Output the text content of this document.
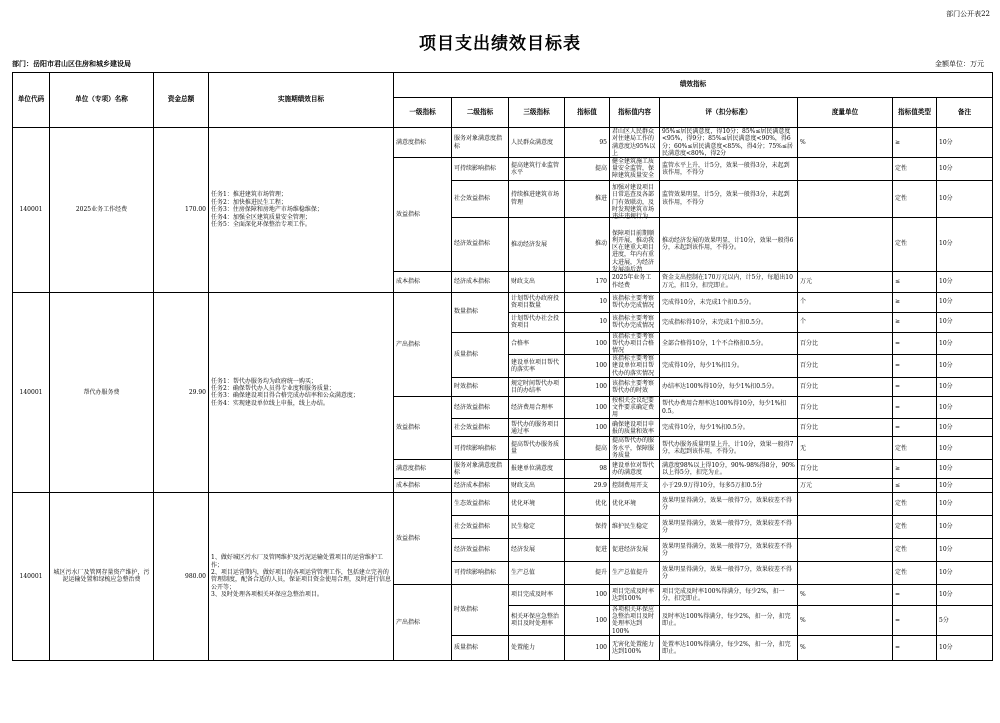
部门公开表22
项目支出绩效目标表
部门：岳阳市君山区住房和城乡建设局	金额单位：万元
单位代码	单位（专项）名称	资金总额	实施期绩效目标	绩效指标								
				一级指标	二级指标	三级指标	指标值	指标值内容	评（扣分标准）	度量单位	指标值类型	备注
140001	2025业务工作经费	170.00	任务1：推进建筑市场管理；
任务2：加快推进民生工程；
任务3：住房保障和房地产市场维稳维保；
任务4：加强全区建筑质量安全管理；
任务5：全面深化环保整治专项工作。	满意度指标	服务对象满意度指标	人民群众满意度	95	君山区人民群众对住建局工作的满意度达95%以上	95%≤居民满意度，得10分；85%≤居民满意度<95%，得9分；85%≤居民满意度<90%，得6分；60%≤居民满意度<85%，得4分；75%≤居民满意度<80%，得2分	%	≥	10分
				效益指标	可持续影响指标	提高建筑行业监管水平	提高	健全建筑施工质量安全监管，保障建筑质量安全	监管水平上升，计5分，效果一般得3分，未起到该作用，不得分		定性	10分
					社会效益指标	持续推进建筑市场管理	推进	加强对建设项目日常巡查及各部门有效联动，及时发现建筑市场违法违规行为	监管效果明显，计5分，效果一般得3分，未起到该作用，不得分		定性	10分
					经济效益指标	推动经济发展	推动	保障项目前期顺利开展，推动我区在建重大项目进度，年内有重大进展，为经济发展添后劲	推动经济发展的效果明显，计10分，效果一般得6分，未起到该作用，不得分。		定性	10分
				成本指标	经济成本指标	财政支出	170	2025年业务工作经费	资金支出控制在170万元以内，计5分，每超出10万元，扣1分，扣完即止。	万元	≤	10分
140001	帮代办服务费	29.90	任务1：帮代办服务均为政府统一购买；
任务2：确保帮代办人员得专业度和服务质量；
任务3：确保建设项目得合格完成办结率和公众满意度；
任务4：实现建设单位线上申报，线上办结。	产出指标	数量指标	计划帮代办政府投资项目数量	10	该指标主要考察帮代办完成情况	完成得10分，未完成1个扣0.5分。	个	≥	10分

						计划帮代办社会投资项目	10	该指标主要考察帮代办完成情况	完成指标得10分，未完成1个扣0.5分。	个	≥	10分
					质量指标	合格率	100	该指标主要考察帮代办项目合格情况	全部合格得10分，1个不合格扣0.5分。	百分比	=	10分

						建设单位项目帮代的落实率	100	该指标主要考察建设单位项目帮代办的落实情况	完成得10分，每少1%扣1分。	百分比	=	10分
					时效指标	规定时间帮代办项目的办结率	100	该指标主要考察帮代办的时效	办结率达100%得10分，每少1%扣0.5分。	百分比	=	10分
				效益指标	经济效益指标	经济费用合理率	100	按相关会议纪要文件要求确定费用	帮代办费用合理率达100%得10分，每少1%扣0.5。	百分比	=	10分
					社会效益指标	帮代办的服务项目通过率	100	确保建设项目申报的质量和效率	完成得10分，每少1%扣0.5分。	百分比	=	10分
					可持续影响指标	提高帮代办服务质量	提高	提高帮代办的服务水平，保障服务质量	帮代办服务质量明显上升，计10分，效果一般得7分，未起到该作用，不得分。	无	定性	10分
				满意度指标	服务对象满意度指标	报建单位满意度	98	建设单位对帮代办的满意度	满意度98%以上得10分，90%-98%得8分，90%以上得5分，扣完为止。	百分比	≥	10分
				成本指标	经济成本指标	财政支出	29.9	控制费用开支	小于29.9万得10分，每多5万扣0.5分	万元	≤	10分
140001	城区污水厂及管网存量资产维护，污泥运输处置和绿梳应急整治费	980.00	1、做好城区污水厂及管网维护及污泥运输处置项目的运营维护工作；
2、项目运营期内，做好项目的各项运营管理工作，包括建立完善的管理制度，配备合适的人员，保证项目资金使用合理，及时进行信息公开等；
3、及时处理各项相关环保应急整治项目。	效益指标	生态效益指标	优化环境	优化	优化环境	效果明显得满分，效果一般得7分，效果较差不得分		定性	10分
					社会效益指标	民生稳定	保持	维护民生稳定	效果明显得满分，效果一般得7分，效果较差不得分		定性	10分
					经济效益指标	经济发展	促进	促进经济发展	效果明显得满分，效果一般得7分，效果较差不得分		定性	10分
					可持续影响指标	生产总值	提升	生产总值提升	效果明显得满分，效果一般得7分，效果较差不得分		定性	10分
				产出指标	时效指标	项目完成及时率	100	项目完成及时率达到100%	项目完成及时率100%得满分，每少2%，扣一分，扣完即止。	%	=	10分

						相关环保应急整治项目及时处理率	100	各项相关环保应急整治项目及时处理率达到100%	及时率达100%得满分，每少2%，扣一分，扣完即止。	%	=	5分
					质量指标	处置能力	100	无害化处置能力达到100%	处置率达100%得满分，每少2%，扣一分，扣完即止。	%	=	10分
